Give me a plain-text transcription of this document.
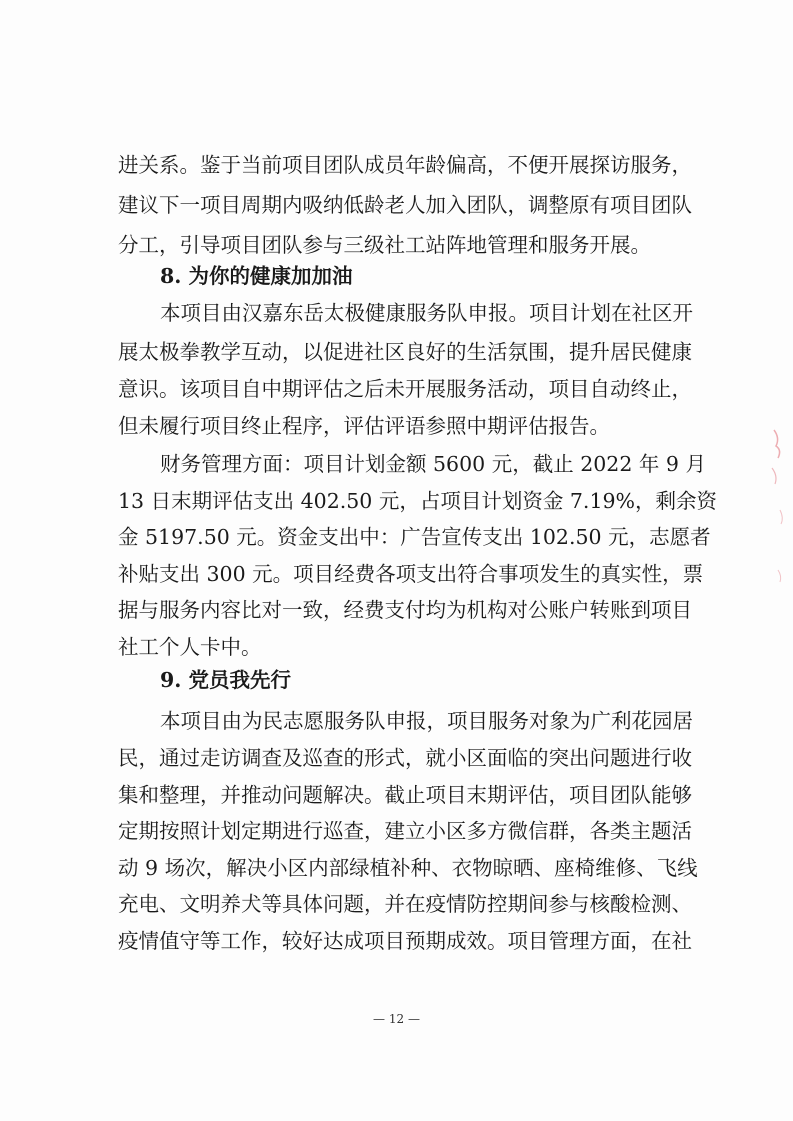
进关系。鉴于当前项目团队成员年龄偏高，不便开展探访服务，
建议下一项目周期内吸纳低龄老人加入团队，调整原有项目团队
分工，引导项目团队参与三级社工站阵地管理和服务开展。
8. 为你的健康加加油
本项目由汉嘉东岳太极健康服务队申报。项目计划在社区开
展太极拳教学互动，以促进社区良好的生活氛围，提升居民健康
意识。该项目自中期评估之后未开展服务活动，项目自动终止，
但未履行项目终止程序，评估评语参照中期评估报告。
财务管理方面：项目计划金额 5600 元，截止 2022 年 9 月
13 日末期评估支出 402.50 元，占项目计划资金 7.19%，剩余资
金 5197.50 元。资金支出中：广告宣传支出 102.50 元，志愿者
补贴支出 300 元。项目经费各项支出符合事项发生的真实性，票
据与服务内容比对一致，经费支付均为机构对公账户转账到项目
社工个人卡中。
9. 党员我先行
本项目由为民志愿服务队申报，项目服务对象为广利花园居
民，通过走访调查及巡查的形式，就小区面临的突出问题进行收
集和整理，并推动问题解决。截止项目末期评估，项目团队能够
定期按照计划定期进行巡查，建立小区多方微信群，各类主题活
动 9 场次，解决小区内部绿植补种、衣物晾晒、座椅维修、飞线
充电、文明养犬等具体问题，并在疫情防控期间参与核酸检测、
疫情值守等工作，较好达成项目预期成效。项目管理方面，在社
— 12 —
